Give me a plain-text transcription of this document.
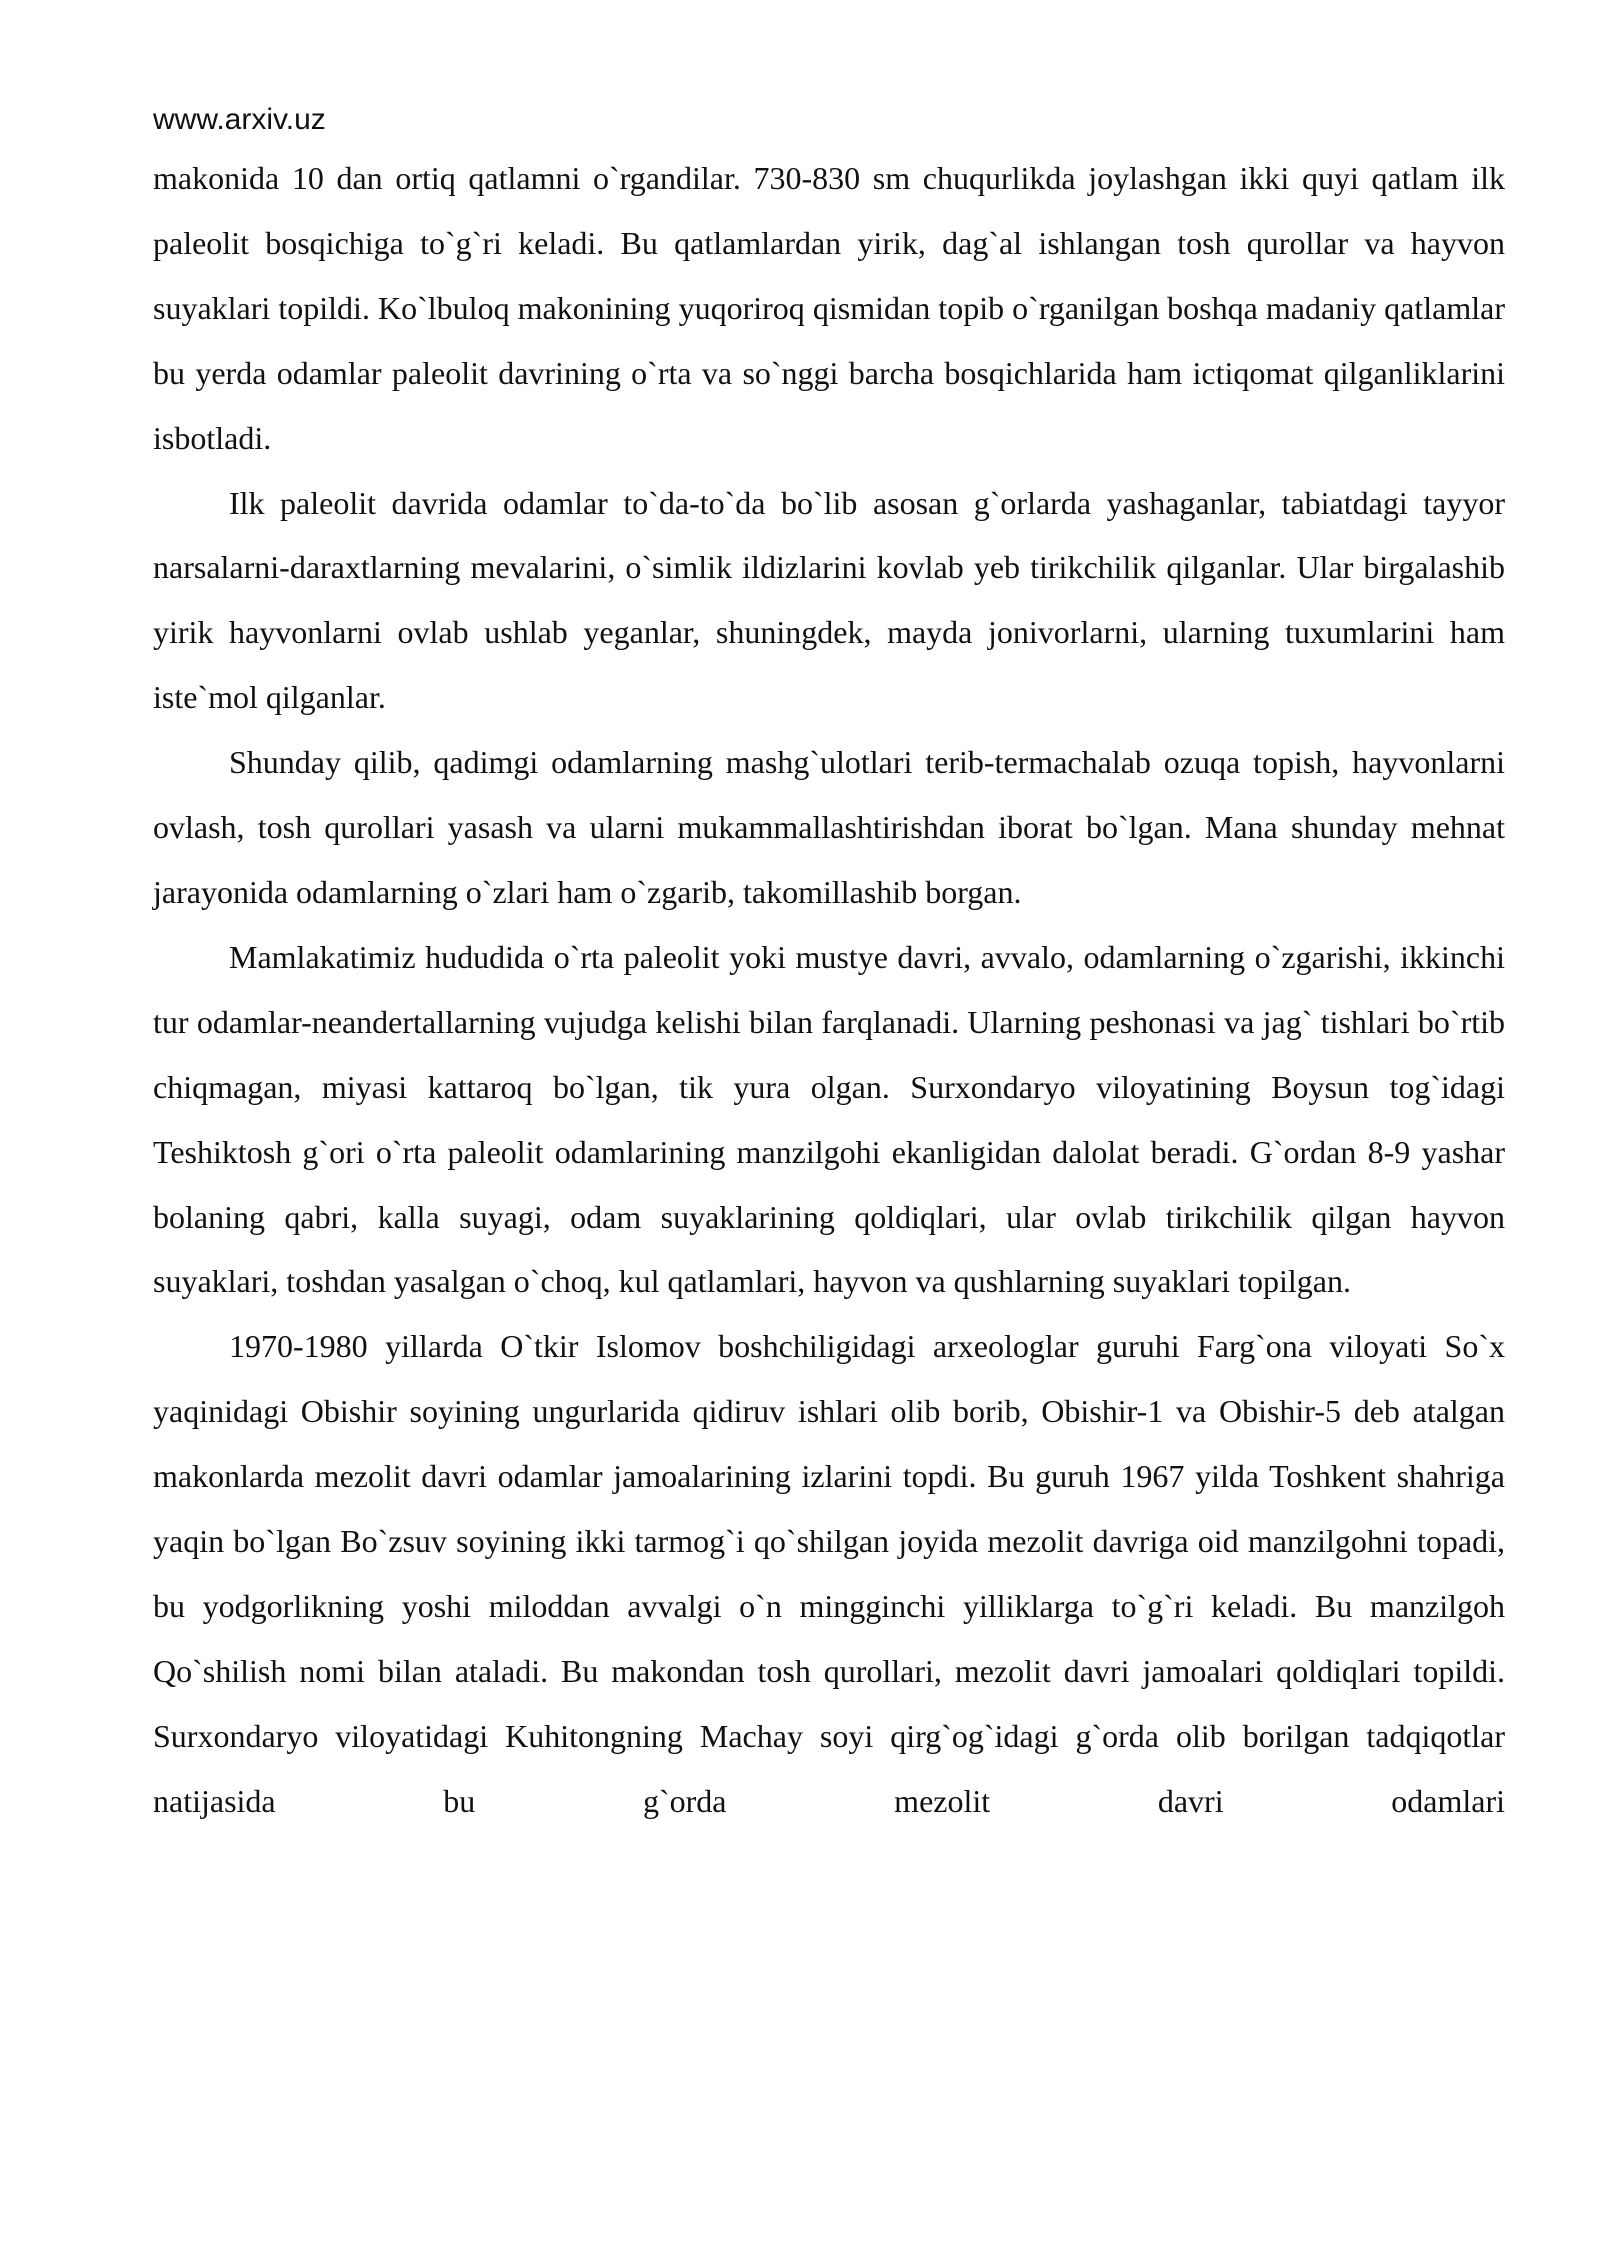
www.arxiv.uz

makonida 10 dan ortiq qatlamni o`rgandilar. 730-830 sm chuqurlikda joylashgan ikki quyi qatlam ilk paleolit bosqichiga to`g`ri keladi. Bu qatlamlardan yirik, dag`al ishlangan tosh qurollar va hayvon suyaklari topildi. Ko`lbuloq makonining yuqoriroq qismidan topib o`rganilgan boshqa madaniy qatlamlar bu yerda odamlar paleolit davrining o`rta va so`nggi barcha bosqichlarida ham ictiqomat qilganliklarini isbotladi.

Ilk paleolit davrida odamlar to`da-to`da bo`lib asosan g`orlarda yashaganlar, tabiatdagi tayyor narsalarni-daraxtlarning mevalarini, o`simlik ildizlarini kovlab yeb tirikchilik qilganlar. Ular birgalashib yirik hayvonlarni ovlab ushlab yeganlar, shuningdek, mayda jonivorlarni, ularning tuxumlarini ham iste`mol qilganlar.

Shunday qilib, qadimgi odamlarning mashg`ulotlari terib-termachalab ozuqa topish, hayvonlarni ovlash, tosh qurollari yasash va ularni mukammallashtirishdan iborat bo`lgan. Mana shunday mehnat jarayonida odamlarning o`zlari ham o`zgarib, takomillashib borgan.

Mamlakatimiz hududida o`rta paleolit yoki mustye davri, avvalo, odamlarning o`zgarishi, ikkinchi tur odamlar-neandertallarning vujudga kelishi bilan farqlanadi. Ularning peshonasi va jag` tishlari bo`rtib chiqmagan, miyasi kattaroq bo`lgan, tik yura olgan. Surxondaryo viloyatining Boysun tog`idagi Teshiktosh g`ori o`rta paleolit odamlarining manzilgohi ekanligidan dalolat beradi. G`ordan 8-9 yashar bolaning qabri, kalla suyagi, odam suyaklarining qoldiqlari, ular ovlab tirikchilik qilgan hayvon suyaklari, toshdan yasalgan o`choq, kul qatlamlari, hayvon va qushlarning suyaklari topilgan.

1970-1980 yillarda O`tkir Islomov boshchiligidagi arxeologlar guruhi Farg`ona viloyati So`x yaqinidagi Obishir soyining ungurlarida qidiruv ishlari olib borib, Obishir-1 va Obishir-5 deb atalgan makonlarda mezolit davri odamlar jamoalarining izlarini topdi. Bu guruh 1967 yilda Toshkent shahriga yaqin bo`lgan Bo`zsuv soyining ikki tarmog`i qo`shilgan joyida mezolit davriga oid manzilgohni topadi, bu yodgorlikning yoshi miloddan avvalgi o`n mingginchi yilliklarga to`g`ri keladi. Bu manzilgoh Qo`shilish nomi bilan ataladi. Bu makondan tosh qurollari, mezolit davri jamoalari qoldiqlari topildi. Surxondaryo viloyatidagi Kuhitongning Machay soyi qirg`og`idagi g`orda olib borilgan tadqiqotlar natijasida bu g`orda mezolit davri odamlari
